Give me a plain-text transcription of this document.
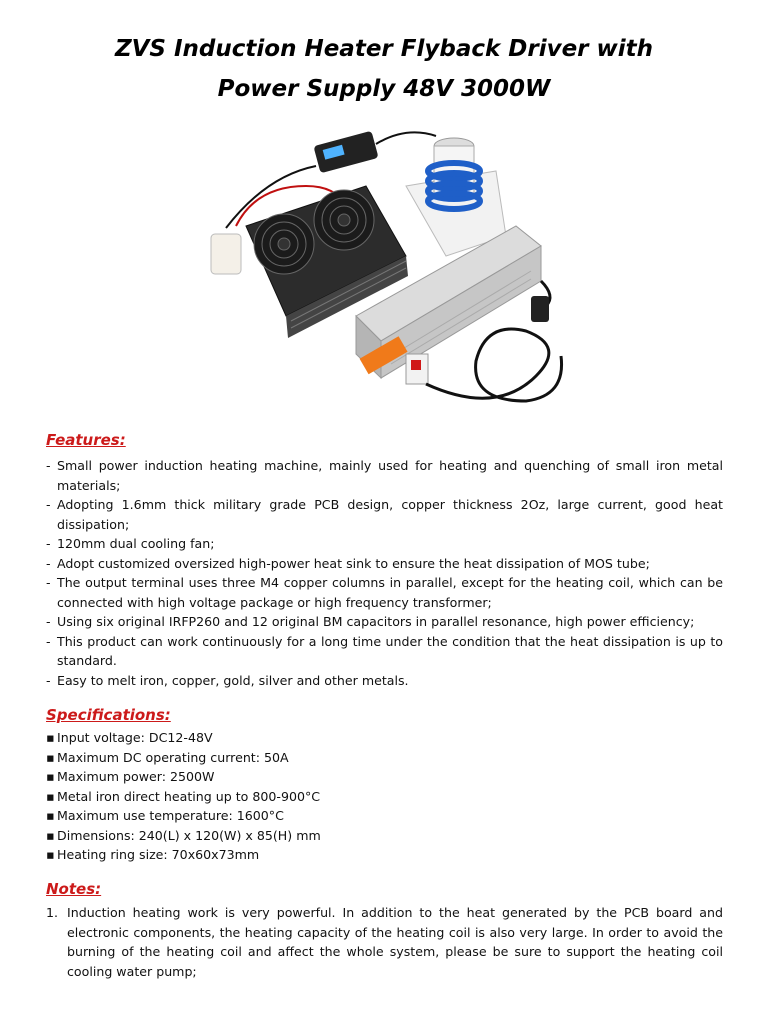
ZVS Induction Heater Flyback Driver with
Power Supply 48V 3000W
Features:
- Small power induction heating machine, mainly used for heating and quenching of small iron metal materials;
- Adopting 1.6mm thick military grade PCB design, copper thickness 2Oz, large current, good heat dissipation;
- 120mm dual cooling fan;
- Adopt customized oversized high-power heat sink to ensure the heat dissipation of MOS tube;
- The output terminal uses three M4 copper columns in parallel, except for the heating coil, which can be connected with high voltage package or high frequency transformer;
- Using six original IRFP260 and 12 original BM capacitors in parallel resonance, high power efficiency;
- This product can work continuously for a long time under the condition that the heat dissipation is up to standard.
- Easy to melt iron, copper, gold, silver and other metals.
Specifications:
▪ Input voltage: DC12-48V
▪ Maximum DC operating current: 50A
▪ Maximum power: 2500W
▪ Metal iron direct heating up to 800-900°C
▪ Maximum use temperature: 1600°C
▪ Dimensions: 240(L) x 120(W) x 85(H) mm
▪ Heating ring size: 70x60x73mm
Notes:
1. Induction heating work is very powerful. In addition to the heat generated by the PCB board and electronic components, the heating capacity of the heating coil is also very large. In order to avoid the burning of the heating coil and affect the whole system, please be sure to support the heating coil cooling water pump;
